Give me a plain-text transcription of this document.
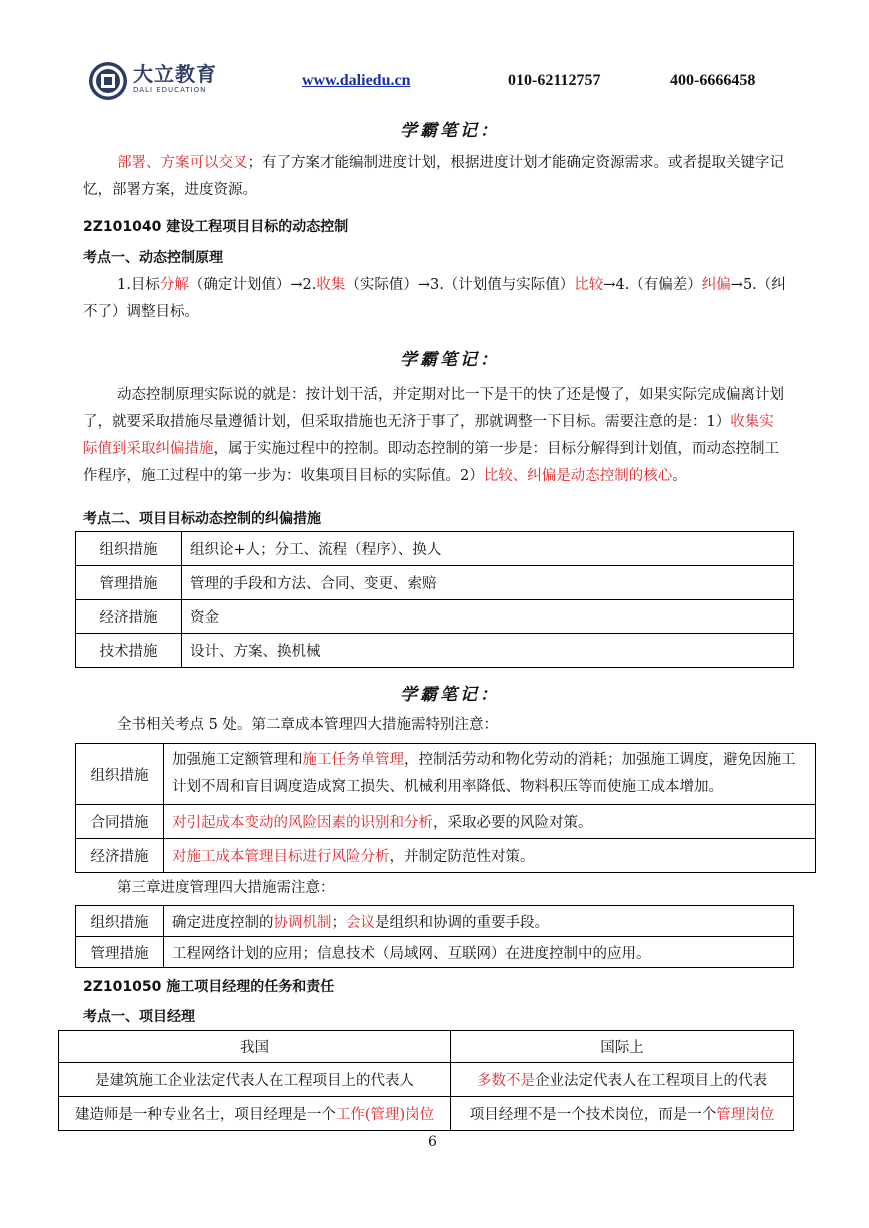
大立教育
DALI EDUCATION
www.daliedu.cn	010-62112757	400-6666458
学霸笔记：
部署、方案可以交叉；有了方案才能编制进度计划，根据进度计划才能确定资源需求。或者提取关键字记忆，部署方案，进度资源。
2Z101040 建设工程项目目标的动态控制
考点一、动态控制原理
1.目标分解（确定计划值）→2.收集（实际值）→3.（计划值与实际值）比较→4.（有偏差）纠偏→5.（纠不了）调整目标。
学霸笔记：
动态控制原理实际说的就是：按计划干活，并定期对比一下是干的快了还是慢了，如果实际完成偏离计划了，就要采取措施尽量遵循计划，但采取措施也无济于事了，那就调整一下目标。需要注意的是：1）收集实际值到采取纠偏措施，属于实施过程中的控制。即动态控制的第一步是：目标分解得到计划值，而动态控制工作程序，施工过程中的第一步为：收集项目目标的实际值。2）比较、纠偏是动态控制的核心。
考点二、项目目标动态控制的纠偏措施
组织措施	组织论+人；分工、流程（程序）、换人
管理措施	管理的手段和方法、合同、变更、索赔
经济措施	资金
技术措施	设计、方案、换机械
学霸笔记：
全书相关考点 5 处。第二章成本管理四大措施需特别注意：
组织措施	加强施工定额管理和施工任务单管理，控制活劳动和物化劳动的消耗；加强施工调度，避免因施工计划不周和盲目调度造成窝工损失、机械利用率降低、物料积压等而使施工成本增加。
合同措施	对引起成本变动的风险因素的识别和分析，采取必要的风险对策。
经济措施	对施工成本管理目标进行风险分析，并制定防范性对策。
第三章进度管理四大措施需注意：
组织措施	确定进度控制的协调机制；会议是组织和协调的重要手段。
管理措施	工程网络计划的应用；信息技术（局域网、互联网）在进度控制中的应用。
2Z101050 施工项目经理的任务和责任
考点一、项目经理
我国	国际上
是建筑施工企业法定代表人在工程项目上的代表人	多数不是企业法定代表人在工程项目上的代表
建造师是一种专业名士，项目经理是一个工作(管理)岗位	项目经理不是一个技术岗位，而是一个管理岗位
6
